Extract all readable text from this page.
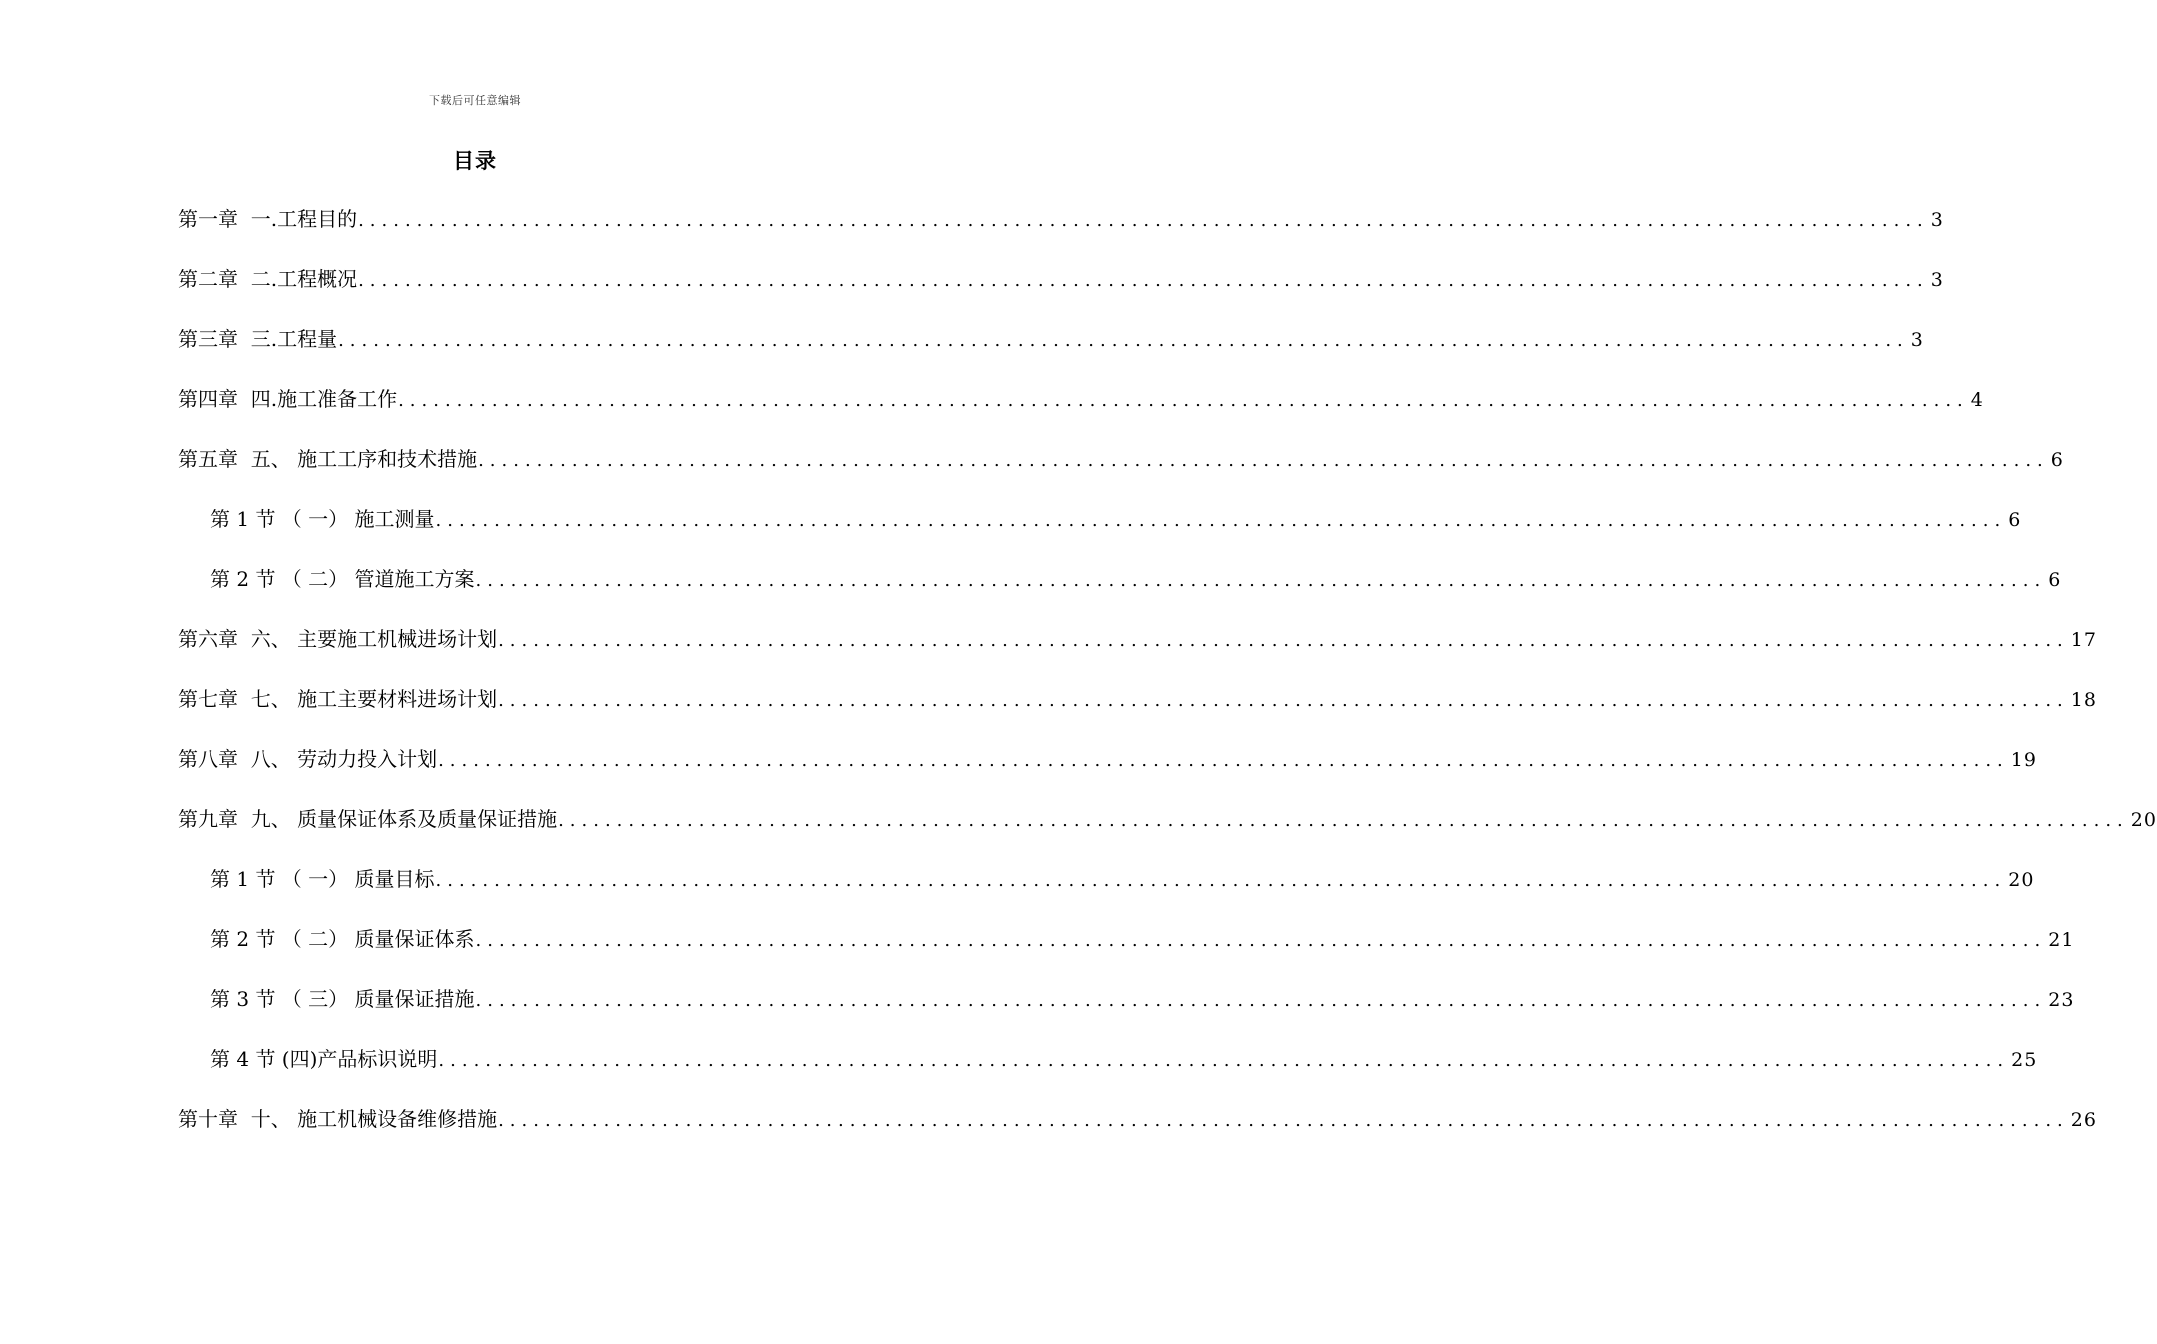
下载后可任意编辑
目录
第一章  一.工程目的 ...................................................................................................................................... 3
第二章  二.工程概况 ...................................................................................................................................... 3
第三章  三.工程量 ...................................................................................................................................... 3
第四章  四.施工准备工作 ...................................................................................................................................... 4
第五章  五、 施工工序和技术措施 ...................................................................................................................................... 6
第 1 节 （ 一） 施工测量 ...................................................................................................................................... 6
第 2 节 （ 二） 管道施工方案 ...................................................................................................................................... 6
第六章  六、 主要施工机械进场计划 ...................................................................................................................................... 17
第七章  七、 施工主要材料进场计划 ...................................................................................................................................... 18
第八章  八、 劳动力投入计划 ...................................................................................................................................... 19
第九章  九、 质量保证体系及质量保证措施 ...................................................................................................................................... 20
第 1 节 （ 一） 质量目标 ...................................................................................................................................... 20
第 2 节 （ 二） 质量保证体系 ...................................................................................................................................... 21
第 3 节 （ 三） 质量保证措施 ...................................................................................................................................... 23
第 4 节 (四)产品标识说明 ...................................................................................................................................... 25
第十章  十、 施工机械设备维修措施 ...................................................................................................................................... 26
